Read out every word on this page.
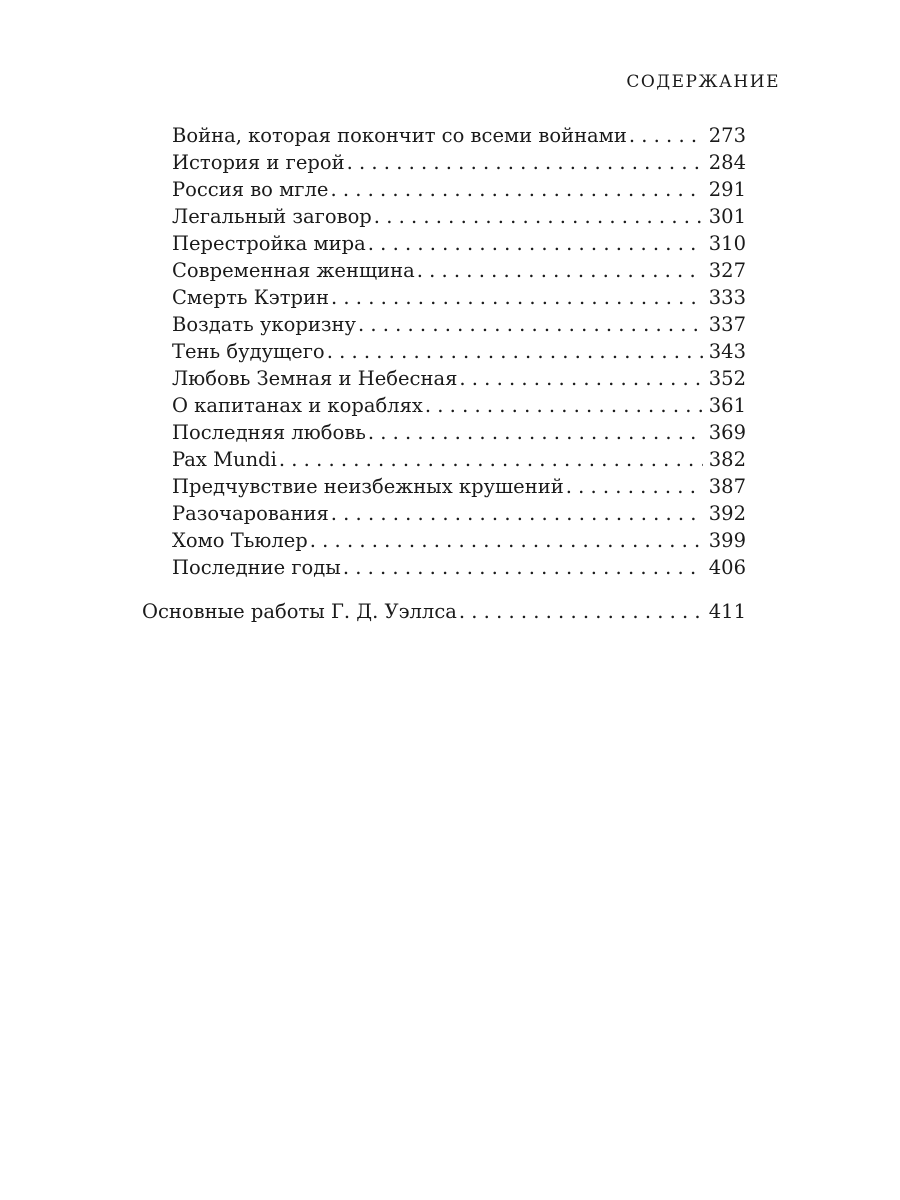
СОДЕРЖАНИЕ
Война, которая покончит со всеми войнами . . .	273
История и герой . . .	284
Россия во мгле . . .	291
Легальный заговор . . .	301
Перестройка мира . . .	310
Современная женщина . . .	327
Смерть Кэтрин . . .	333
Воздать укоризну . . .	337
Тень будущего . . .	343
Любовь Земная и Небесная . . .	352
О капитанах и кораблях . . .	361
Последняя любовь . . .	369
Pax Mundi . . .	382
Предчувствие неизбежных крушений . . .	387
Разочарования . . .	392
Хомо Тьюлер . . .	399
Последние годы . . .	406
Основные работы Г. Д. Уэллса . . .	411
